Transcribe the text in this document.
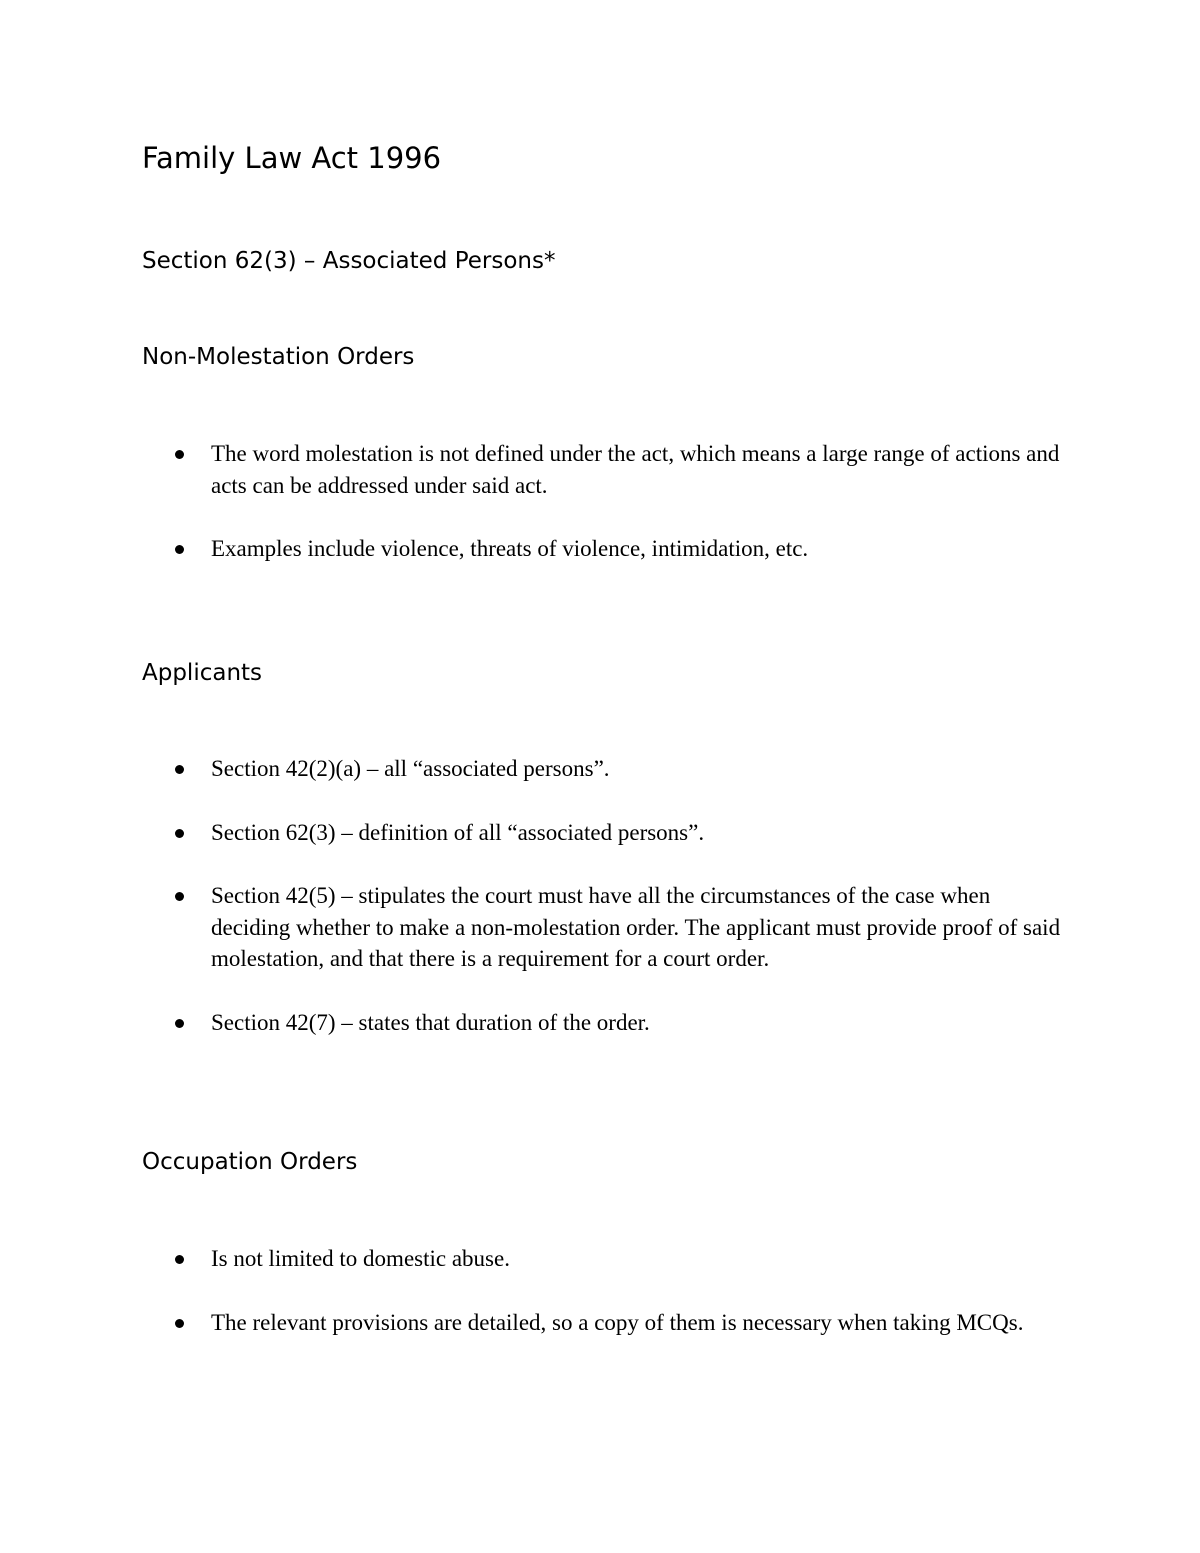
Family Law Act 1996
Section 62(3) – Associated Persons*
Non-Molestation Orders
The word molestation is not defined under the act, which means a large range of actions and acts can be addressed under said act.
Examples include violence, threats of violence, intimidation, etc.
Applicants
Section 42(2)(a) – all “associated persons”.
Section 62(3) – definition of all “associated persons”.
Section 42(5) – stipulates the court must have all the circumstances of the case when deciding whether to make a non-molestation order. The applicant must provide proof of said molestation, and that there is a requirement for a court order.
Section 42(7) – states that duration of the order.
Occupation Orders
Is not limited to domestic abuse.
The relevant provisions are detailed, so a copy of them is necessary when taking MCQs.
